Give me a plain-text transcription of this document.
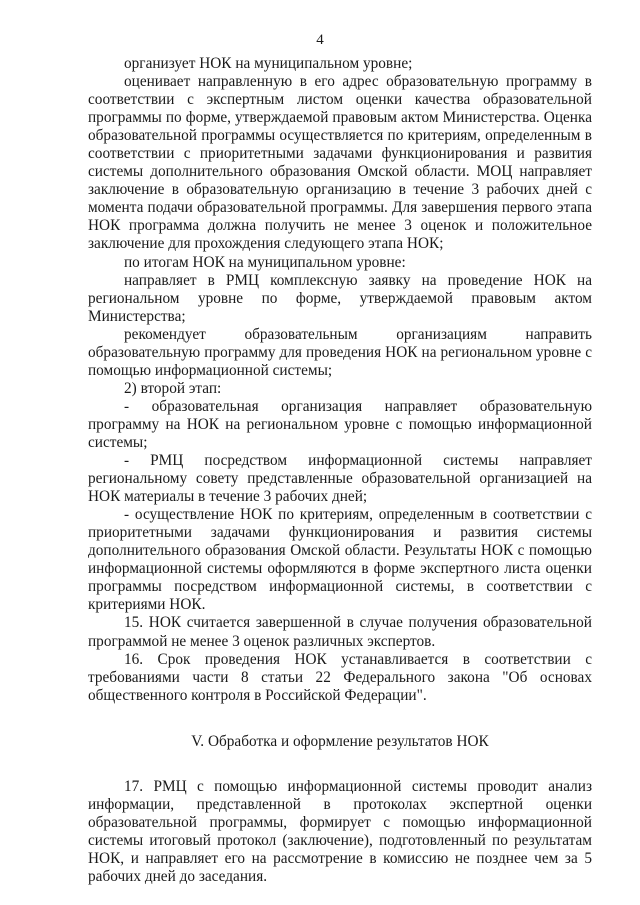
4

организует НОК на муниципальном уровне;

оценивает направленную в его адрес образовательную программу в соответствии с экспертным листом оценки качества образовательной программы по форме, утверждаемой правовым актом Министерства. Оценка образовательной программы осуществляется по критериям, определенным в соответствии с приоритетными задачами функционирования и развития системы дополнительного образования Омской области. МОЦ направляет заключение в образовательную организацию в течение 3 рабочих дней с момента подачи образовательной программы. Для завершения первого этапа НОК программа должна получить не менее 3 оценок и положительное заключение для прохождения следующего этапа НОК;

по итогам НОК на муниципальном уровне:

направляет в РМЦ комплексную заявку на проведение НОК на региональном уровне по форме, утверждаемой правовым актом Министерства;

рекомендует образовательным организациям направить образовательную программу для проведения НОК на региональном уровне с помощью информационной системы;

2) второй этап:

- образовательная организация направляет образовательную программу на НОК на региональном уровне с помощью информационной системы;

- РМЦ посредством информационной системы направляет региональному совету представленные образовательной организацией на НОК материалы в течение 3 рабочих дней;

- осуществление НОК по критериям, определенным в соответствии с приоритетными задачами функционирования и развития системы дополнительного образования Омской области. Результаты НОК с помощью информационной системы оформляются в форме экспертного листа оценки программы посредством информационной системы, в соответствии с критериями НОК.

15. НОК считается завершенной в случае получения образовательной программой не менее 3 оценок различных экспертов.

16. Срок проведения НОК устанавливается в соответствии с требованиями части 8 статьи 22 Федерального закона "Об основах общественного контроля в Российской Федерации".

V. Обработка и оформление результатов НОК

17. РМЦ с помощью информационной системы проводит анализ информации, представленной в протоколах экспертной оценки образовательной программы, формирует с помощью информационной системы итоговый протокол (заключение), подготовленный по результатам НОК, и направляет его на рассмотрение в комиссию не позднее чем за 5 рабочих дней до заседания.
